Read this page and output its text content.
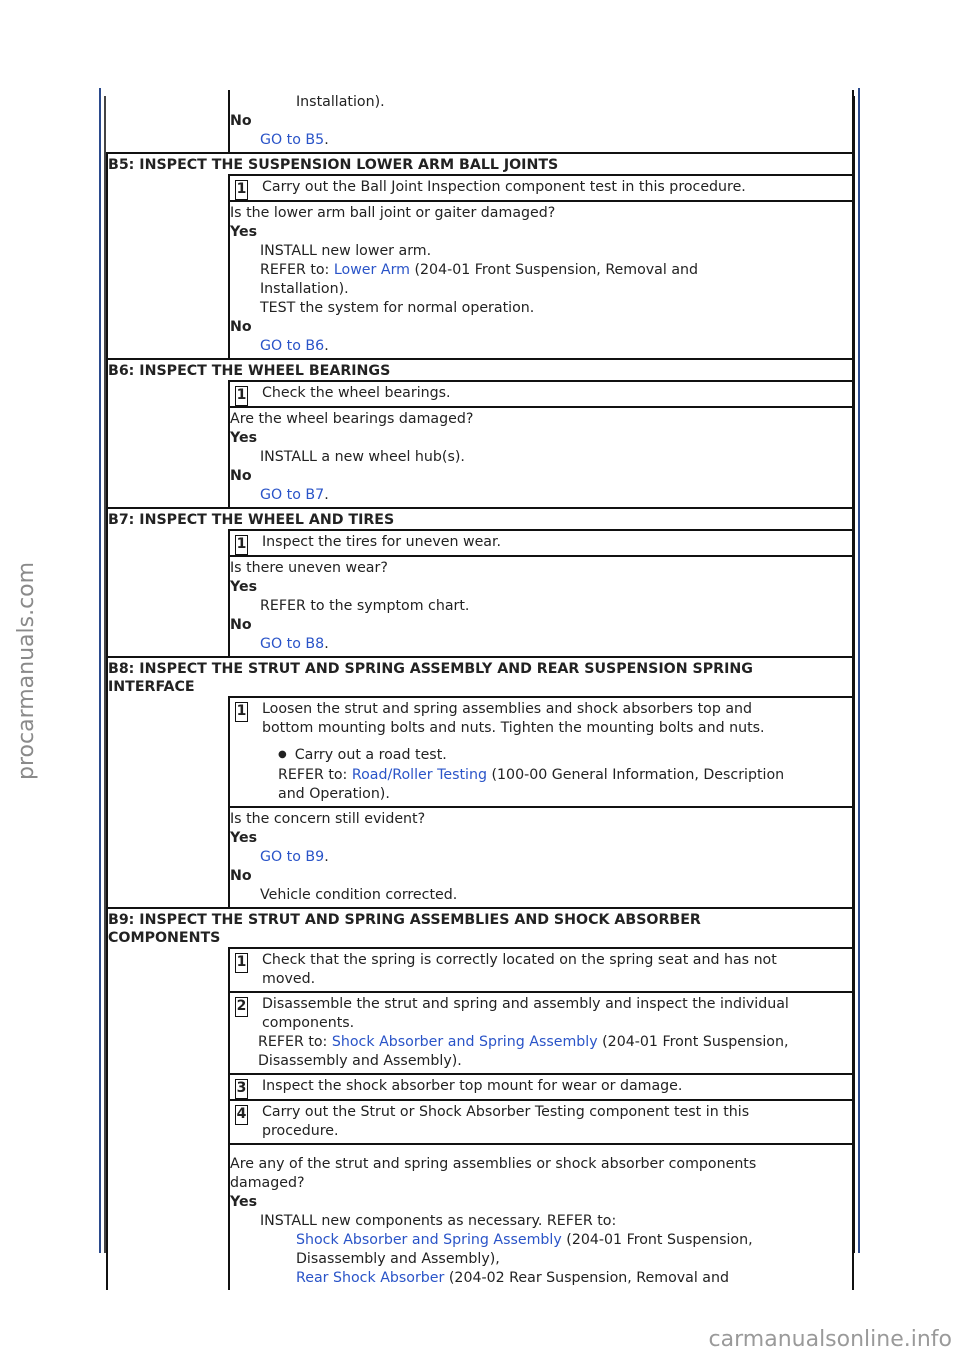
procarmanuals.com
carmanualsonline.info
Installation).
No
GO to B5.
B5: INSPECT THE SUSPENSION LOWER ARM BALL JOINTS
1	Carry out the Ball Joint Inspection component test in this procedure.
Is the lower arm ball joint or gaiter damaged?
Yes
INSTALL new lower arm.
REFER to: Lower Arm (204-01 Front Suspension, Removal and
Installation).
TEST the system for normal operation.
No
GO to B6.
B6: INSPECT THE WHEEL BEARINGS
1	Check the wheel bearings.
Are the wheel bearings damaged?
Yes
INSTALL a new wheel hub(s).
No
GO to B7.
B7: INSPECT THE WHEEL AND TIRES
1	Inspect the tires for uneven wear.
Is there uneven wear?
Yes
REFER to the symptom chart.
No
GO to B8.
B8: INSPECT THE STRUT AND SPRING ASSEMBLY AND REAR SUSPENSION SPRING
INTERFACE
1 Loosen the strut and spring assemblies and shock absorbers top and
bottom mounting bolts and nuts. Tighten the mounting bolts and nuts.
● Carry out a road test.
REFER to: Road/Roller Testing (100-00 General Information, Description
and Operation).
Is the concern still evident?
Yes
GO to B9.
No
Vehicle condition corrected.
B9: INSPECT THE STRUT AND SPRING ASSEMBLIES AND SHOCK ABSORBER
COMPONENTS
1 Check that the spring is correctly located on the spring seat and has not
moved.
2 Disassemble the strut and spring and assembly and inspect the individual
components.
REFER to: Shock Absorber and Spring Assembly (204-01 Front Suspension,
Disassembly and Assembly).
3	Inspect the shock absorber top mount for wear or damage.
4 Carry out the Strut or Shock Absorber Testing component test in this
procedure.
Are any of the strut and spring assemblies or shock absorber components
damaged?
Yes
INSTALL new components as necessary. REFER to:
Shock Absorber and Spring Assembly (204-01 Front Suspension,
Disassembly and Assembly),
Rear Shock Absorber (204-02 Rear Suspension, Removal and
